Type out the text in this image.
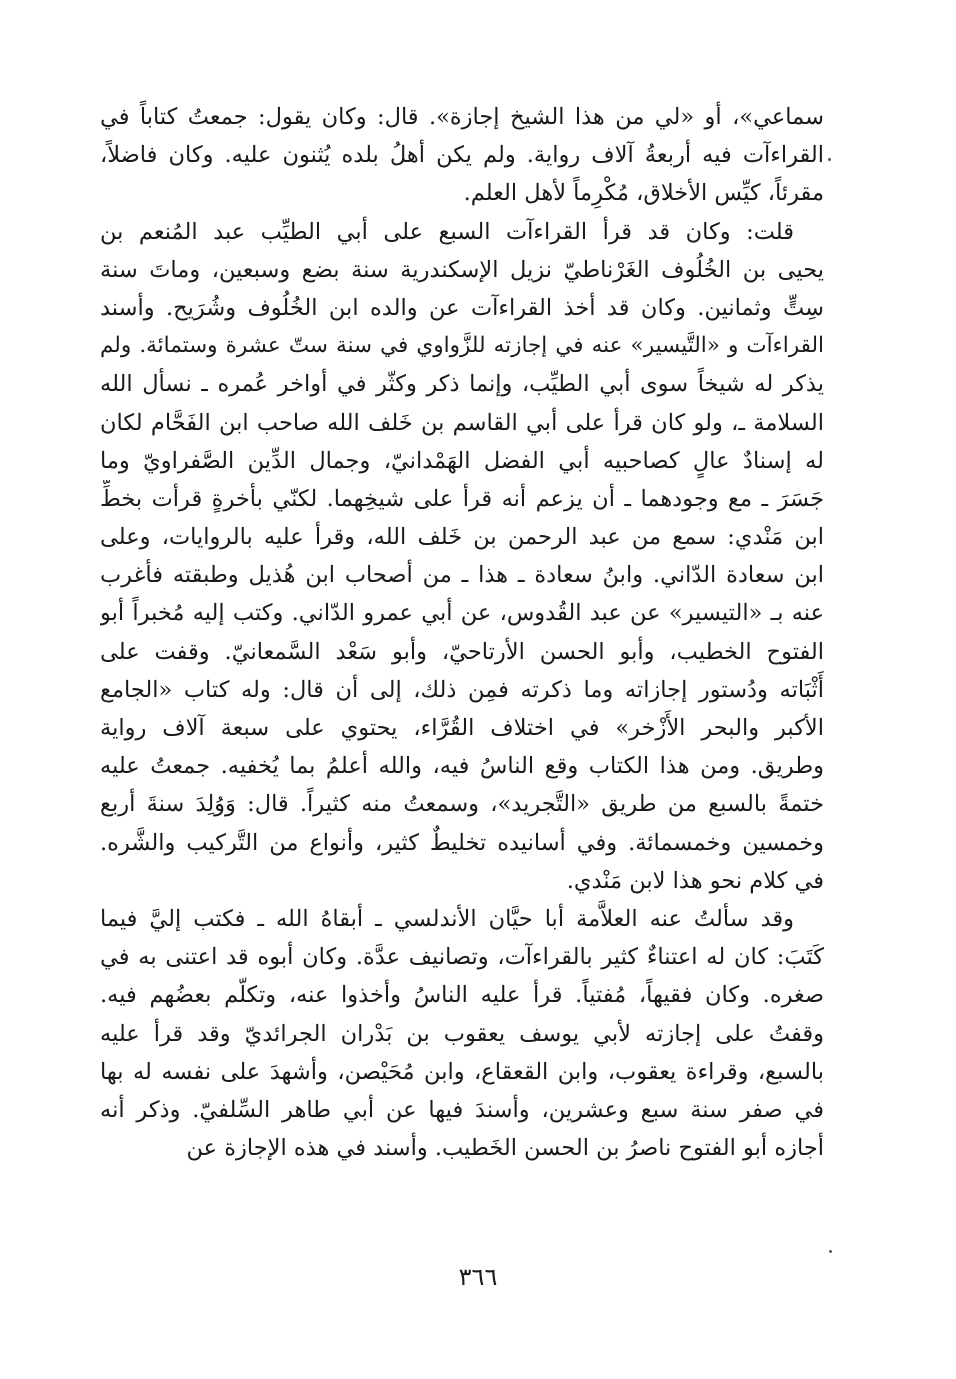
سماعي»، أو «لي من هذا الشيخ إجازة». قال: وكان يقول: جمعتُ كتاباً في
القراءآت فيه أربعةُ آلاف رواية. ولم يكن أهلُ بلده يُثنون عليه. وكان فاضلاً،
مقرئاً، كيِّس الأخلاق، مُكْرِماً لأهل العلم.
قلت: وكان قد قرأ القراءآت السبع على أبي الطيِّب عبد المُنعم بن
يحيى بن الخُلُوف الغَرْناطيّ نزيل الإسكندرية سنة بضع وسبعين، وماتَ سنة
سِتٍّ وثمانين. وكان قد أخذ القراءآت عن والده ابن الخُلُوف وشُرَيح. وأسند
القراءآت و «التَّيسير» عنه في إجازته للزَّواوي في سنة ستّ عشرة وستمائة. ولم
يذكر له شيخاً سوى أبي الطيِّب، وإنما ذكر وكثّر في أواخر عُمره ـ نسأل الله
السلامة ـ، ولو كان قرأ على أبي القاسم بن خَلف الله صاحب ابن الفَحَّام لكان
له إسنادٌ عالٍ كصاحبيه أبي الفضل الهَمْدانيّ، وجمال الدِّين الصَّفراويّ وما
جَسَرَ ـ مع وجودهما ـ أن يزعم أنه قرأ على شيخِهما. لكنّي بأخرةٍ قرأت بخطِّ
ابن مَنْدي: سمع من عبد الرحمن بن خَلف الله، وقرأ عليه بالروايات، وعلى
ابن سعادة الدّاني. وابنُ سعادة ـ هذا ـ من أصحاب ابن هُذيل وطبقته فأغرب
عنه بـ «التيسير» عن عبد القُدوس، عن أبي عمرو الدّاني. وكتب إليه مُخبراً أبو
الفتوح الخطيب، وأبو الحسن الأرتاحيّ، وأبو سَعْد السَّمعانيّ. وقفت على
أَثْبَاته ودُستور إجازاته وما ذكرته فمِن ذلك، إلى أن قال: وله كتاب «الجامع
الأكبر والبحر الأَزْخر» في اختلاف القُرَّاء، يحتوي على سبعة آلاف رواية
وطريق. ومن هذا الكتاب وقع الناسُ فيه، والله أعلمُ بما يُخفيه. جمعتُ عليه
ختمةً بالسبع من طريق «التَّجريد»، وسمعتُ منه كثيراً. قال: وَوُلِدَ سنةَ أربع
وخمسين وخمسمائة. وفي أسانيده تخليطٌ كثير، وأنواع من التَّركيب والشَّره.
في كلام نحو هذا لابن مَنْدي.
وقد سألتُ عنه العلاَّمة أبا حيَّان الأندلسي ـ أبقاهُ الله ـ فكتب إليَّ فيما
كَتَبَ: كان له اعتناءٌ كثير بالقراءآت، وتصانيف عدَّة. وكان أبوه قد اعتنى به في
صغره. وكان فقيهاً، مُفتياً. قرأ عليه الناسُ وأخذوا عنه، وتكلّم بعضُهم فيه.
وقفتُ على إجازته لأبي يوسف يعقوب بن بَدْران الجرائديّ وقد قرأ عليه
بالسبع، وقراءة يعقوب، وابن القعقاع، وابن مُحَيْصن، وأشهدَ على نفسه له بها
في صفر سنة سبع وعشرين، وأسندَ فيها عن أبي طاهر السِّلفيّ. وذكر أنه
أجازه أبو الفتوح ناصرُ بن الحسن الخَطيب. وأسند في هذه الإجازة عن
٣٦٦
